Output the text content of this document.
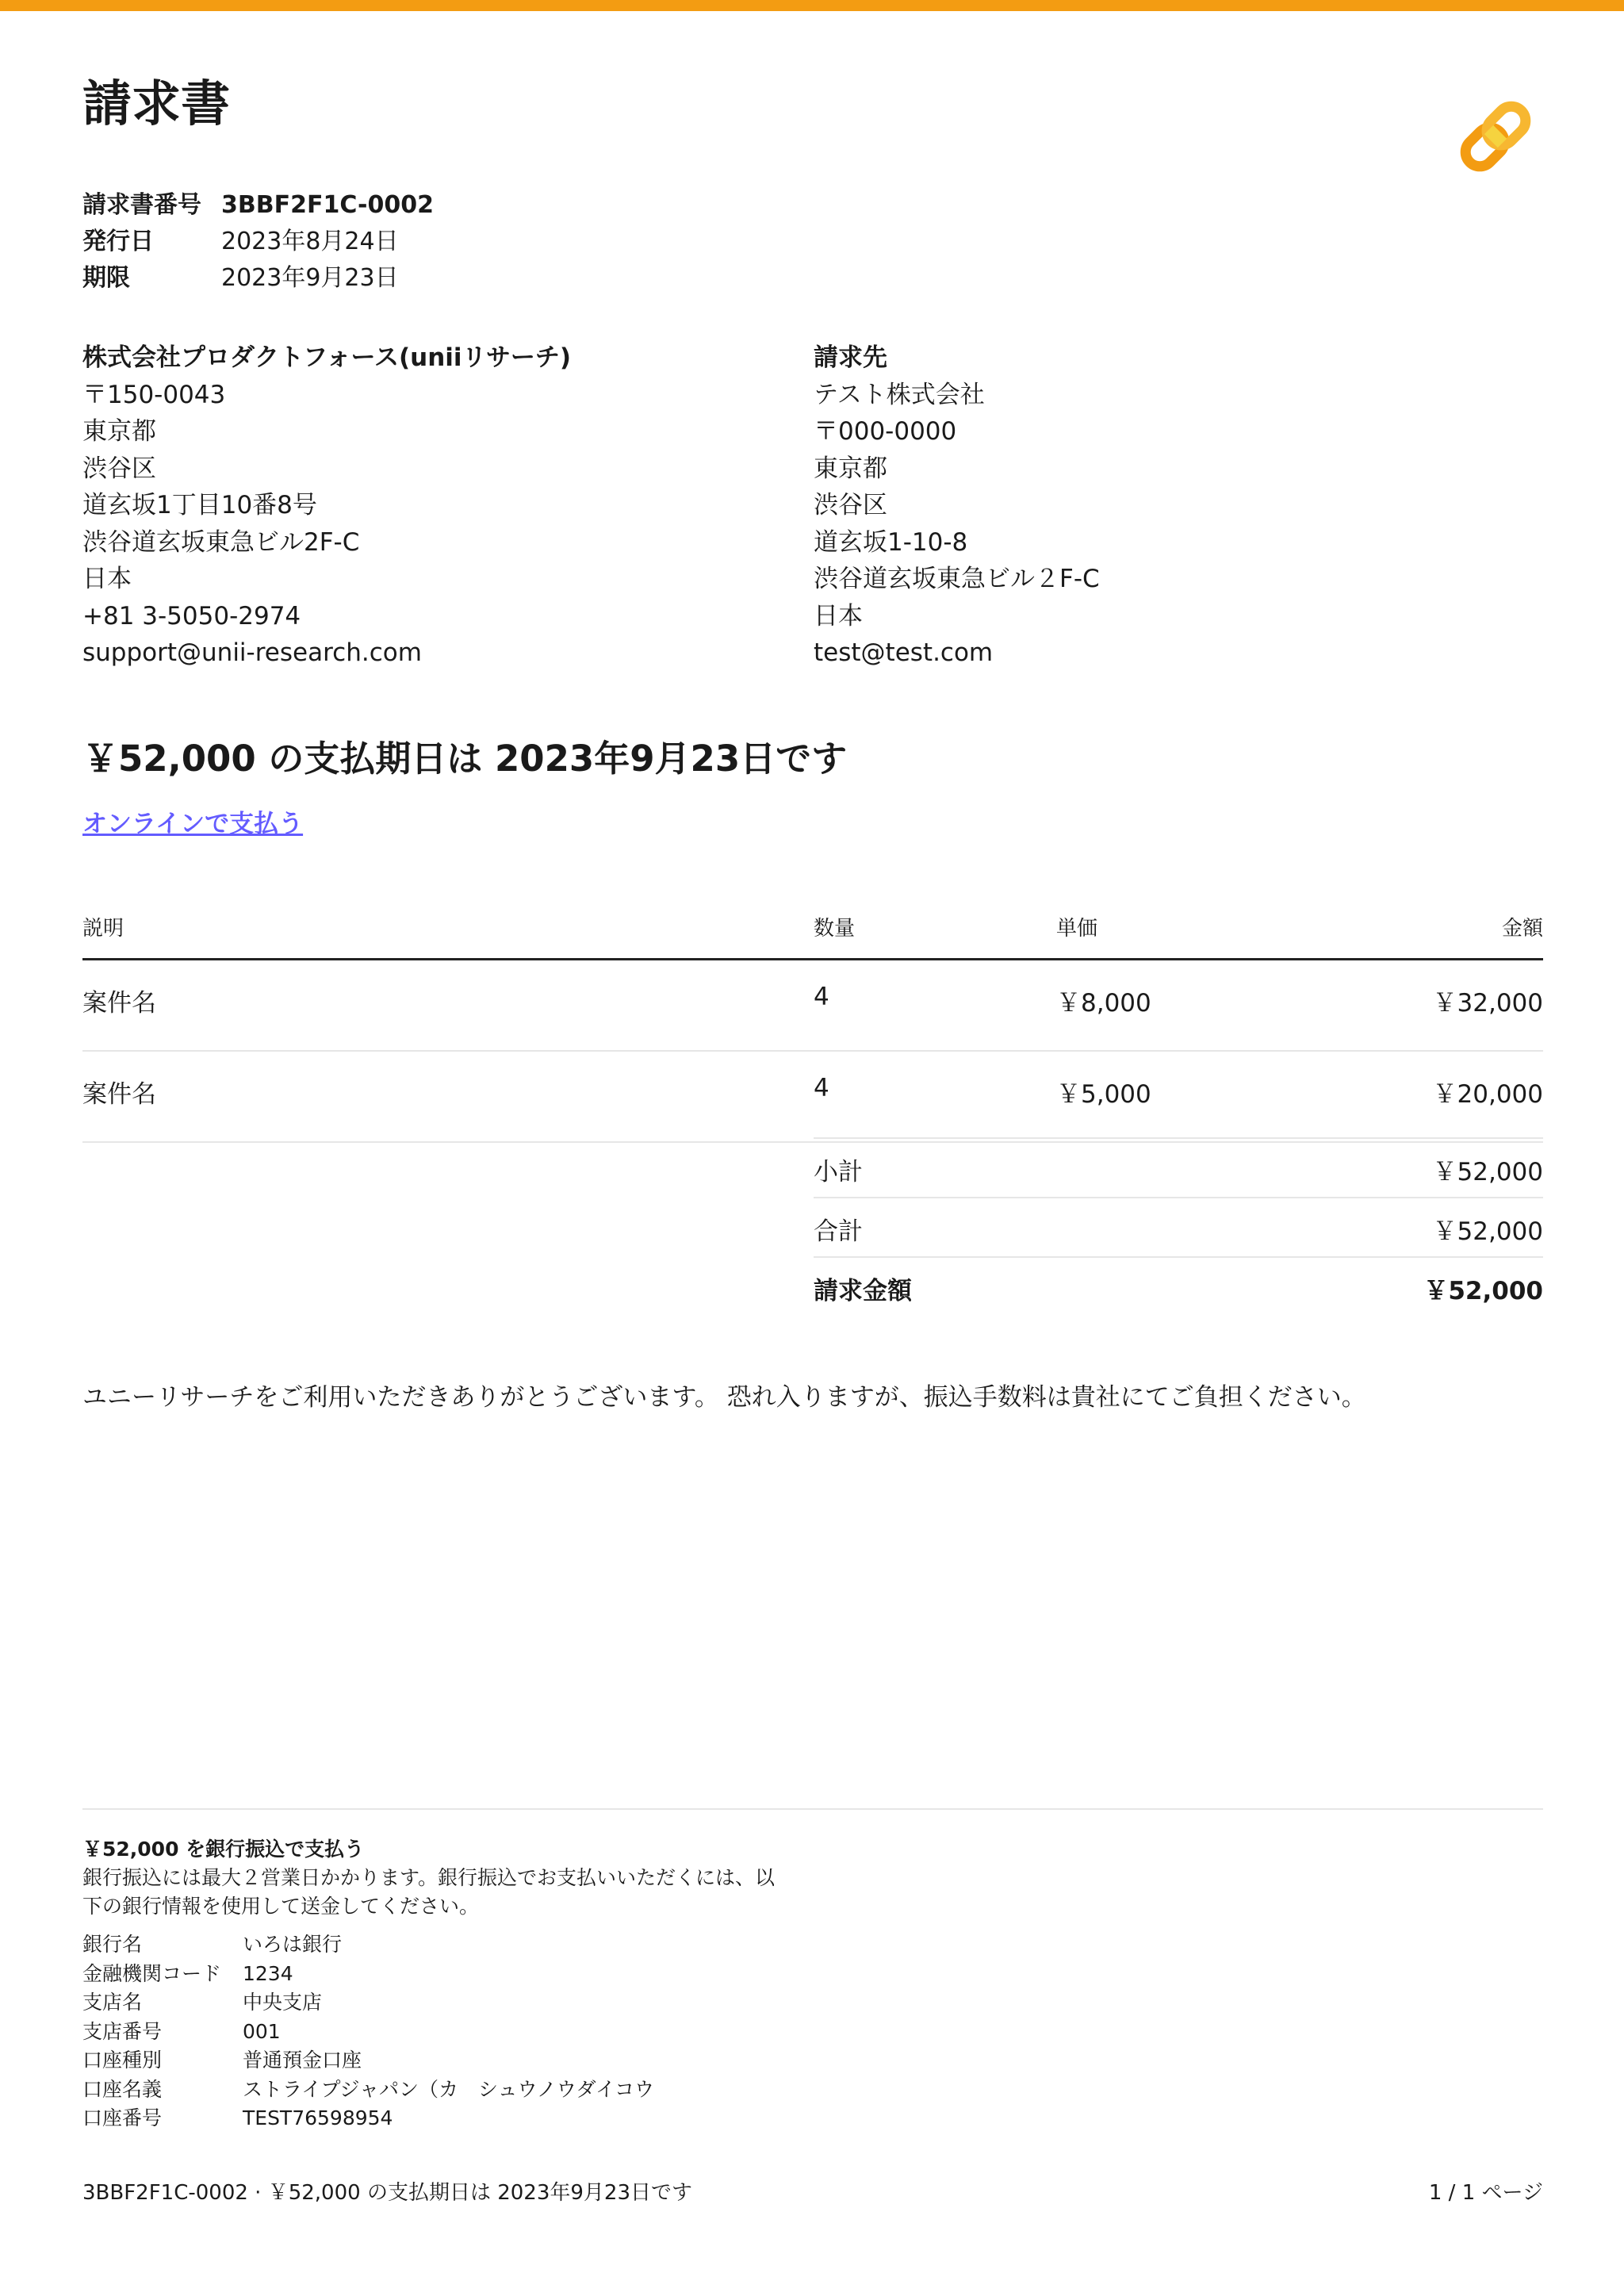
請求書
請求書番号 3BBF2F1C-0002
発行日	2023年8月24日
期限	2023年9月23日
株式会社プロダクトフォース(uniiリサーチ)
〒150-0043
東京都
渋谷区
道玄坂1丁目10番8号
渋谷道玄坂東急ビル2F-C
日本
+81 3-5050-2974
support@unii-research.com
請求先
テスト株式会社
〒000-0000
東京都
渋谷区
道玄坂1-10-8
渋谷道玄坂東急ビル２F-C
日本
test@test.com
￥52,000 の支払期日は 2023年9月23日です
オンラインで支払う
説明	数量	単価	金額
案件名	4	￥8,000	￥32,000
案件名	4	￥5,000	￥20,000
小計	￥52,000
合計	￥52,000
請求金額	￥52,000
ユニーリサーチをご利用いただきありがとうございます。 恐れ入りますが、振込手数料は貴社にてご負担ください。
￥52,000 を銀行振込で支払う
銀行振込には最大２営業日かかります。銀行振込でお支払いいただくには、以
下の銀行情報を使用して送金してください。
銀行名	いろは銀行
金融機関コード	1234
支店名	中央支店
支店番号	001
口座種別	普通預金口座
口座名義	ストライプジャパン（カ　シュウノウダイコウ
口座番号	TEST76598954
3BBF2F1C-0002 · ￥52,000 の支払期日は 2023年9月23日です	1 / 1 ページ
